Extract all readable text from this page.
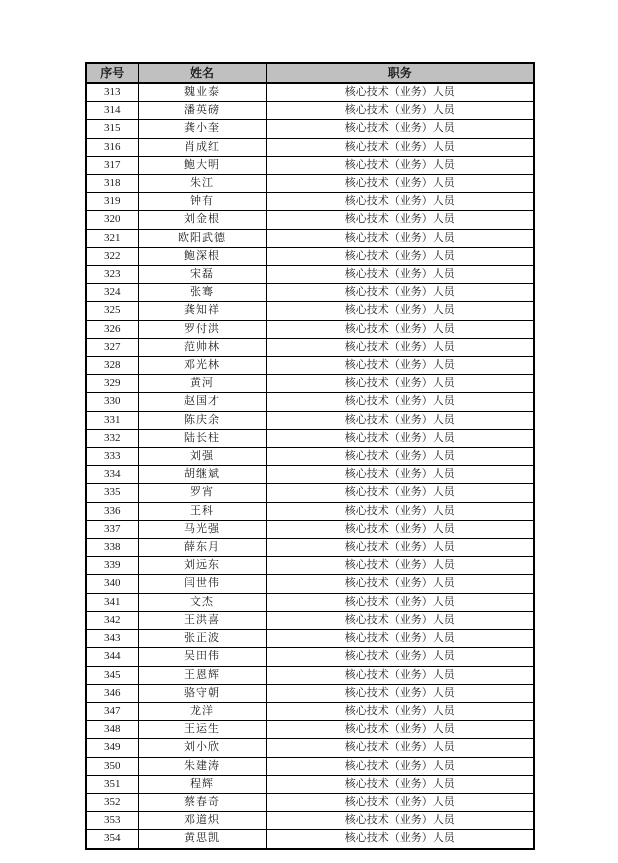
序号	姓名	职务
313	魏业泰	核心技术（业务）人员
314	潘英磅	核心技术（业务）人员
315	龚小奎	核心技术（业务）人员
316	肖成红	核心技术（业务）人员
317	鲍大明	核心技术（业务）人员
318	朱江	核心技术（业务）人员
319	钟有	核心技术（业务）人员
320	刘金根	核心技术（业务）人员
321	欧阳武德	核心技术（业务）人员
322	鲍深根	核心技术（业务）人员
323	宋磊	核心技术（业务）人员
324	张骞	核心技术（业务）人员
325	龚知祥	核心技术（业务）人员
326	罗付洪	核心技术（业务）人员
327	范帅林	核心技术（业务）人员
328	邓光林	核心技术（业务）人员
329	黄河	核心技术（业务）人员
330	赵国才	核心技术（业务）人员
331	陈庆余	核心技术（业务）人员
332	陆长柱	核心技术（业务）人员
333	刘强	核心技术（业务）人员
334	胡继斌	核心技术（业务）人员
335	罗宵	核心技术（业务）人员
336	王科	核心技术（业务）人员
337	马光强	核心技术（业务）人员
338	薛东月	核心技术（业务）人员
339	刘远东	核心技术（业务）人员
340	闫世伟	核心技术（业务）人员
341	文杰	核心技术（业务）人员
342	王洪喜	核心技术（业务）人员
343	张正波	核心技术（业务）人员
344	吴田伟	核心技术（业务）人员
345	王恩辉	核心技术（业务）人员
346	骆守朝	核心技术（业务）人员
347	龙洋	核心技术（业务）人员
348	王运生	核心技术（业务）人员
349	刘小欣	核心技术（业务）人员
350	朱建涛	核心技术（业务）人员
351	程辉	核心技术（业务）人员
352	蔡春奇	核心技术（业务）人员
353	邓道炽	核心技术（业务）人员
354	黄思凯	核心技术（业务）人员
